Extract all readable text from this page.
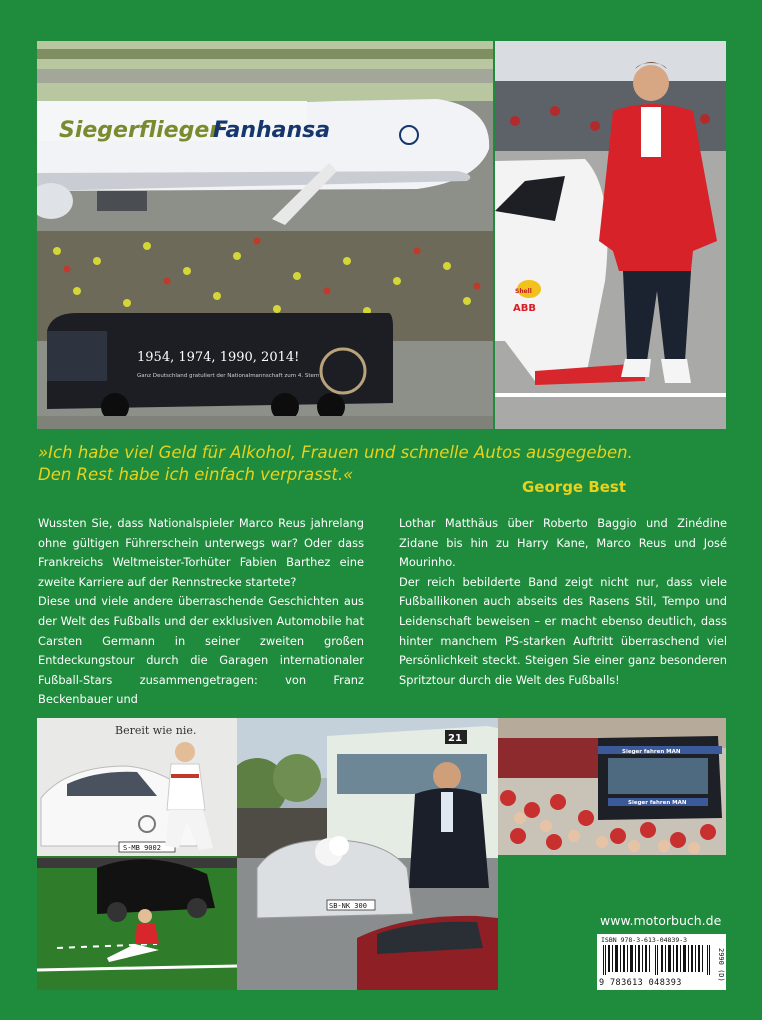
Siegerflieger
Fanhansa
1954, 1974, 1990, 2014!
Ganz Deutschland gratuliert der Nationalmannschaft zum 4. Stern.
Shell
ABB
»Ich habe viel Geld für Alkohol, Frauen und schnelle Autos ausgegeben.
Den Rest habe ich einfach verprasst.«
George Best

Wussten Sie, dass Nationalspieler Marco Reus jahrelang ohne gültigen Führerschein unterwegs war? Oder dass Frankreichs Weltmeister-Torhüter Fabien Barthez eine zweite Karriere auf der Rennstrecke startete?

Diese und viele andere überraschende Geschichten aus der Welt des Fußballs und der exklusiven Automobile hat Carsten Germann in seiner zweiten großen Entdeckungstour durch die Garagen internationaler Fußball-Stars zusammengetragen: von Franz Beckenbauer und

Lothar Matthäus über Roberto Baggio und Zinédine Zidane bis hin zu Harry Kane, Marco Reus und José Mourinho.

Der reich bebilderte Band zeigt nicht nur, dass viele Fußballikonen auch abseits des Rasens Stil, Tempo und Leidenschaft beweisen – er macht ebenso deutlich, dass hinter manchem PS-starken Auftritt überraschend viel Persönlichkeit steckt. Steigen Sie einer ganz besonderen Spritztour durch die Welt des Fußballs!

Bereit wie nie.
S-MB 9002
21
SB-NK 300
Sieger fahren MAN
Sieger fahren MAN
www.motorbuch.de
ISBN 978-3-613-04839-3
2990 (D)
9 783613 048393
